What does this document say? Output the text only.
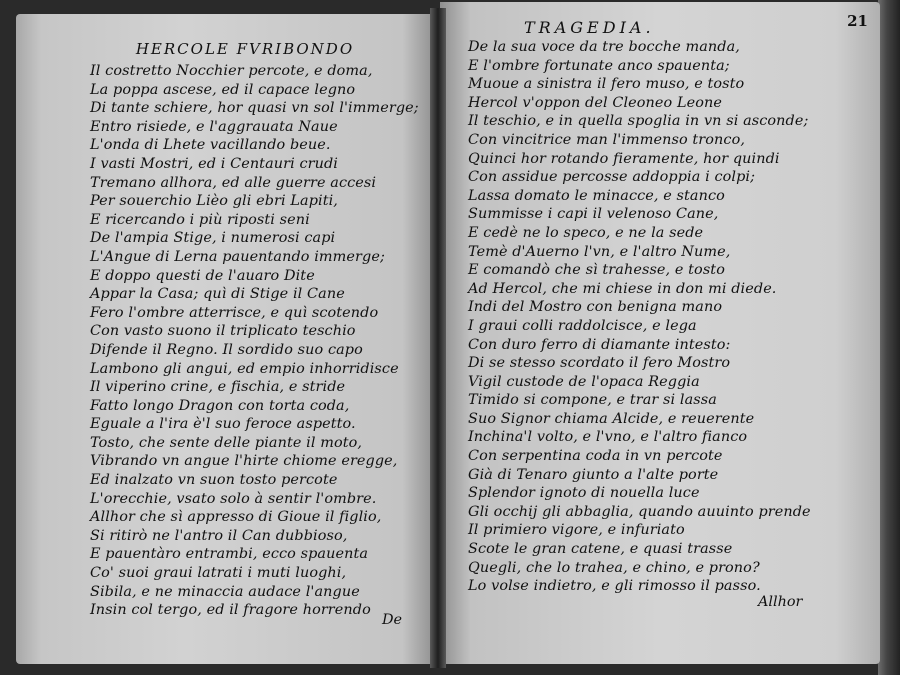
HERCOLE FVRIBONDO
Il costretto Nocchier percote, e doma,
La poppa ascese, ed il capace legno
Di tante schiere, hor quasi vn sol l'immerge;
Entro risiede, e l'aggrauata Naue
L'onda di Lhete vacillando beue.
I vasti Mostri, ed i Centauri crudi
Tremano allhora, ed alle guerre accesi
Per souerchio Lièo gli ebri Lapiti,
E ricercando i più riposti seni
De l'ampia Stige, i numerosi capi
L'Angue di Lerna pauentando immerge;
E doppo questi de l'auaro Dite
Appar la Casa; quì di Stige il Cane
Fero l'ombre atterrisce, e quì scotendo
Con vasto suono il triplicato teschio
Difende il Regno. Il sordido suo capo
Lambono gli angui, ed empio inhorridisce
Il viperino crine, e fischia, e stride
Fatto longo Dragon con torta coda,
Eguale a l'ira è'l suo feroce aspetto.
Tosto, che sente delle piante il moto,
Vibrando vn angue l'hirte chiome eregge,
Ed inalzato vn suon tosto percote
L'orecchie, vsato solo à sentir l'ombre.
Allhor che sì appresso di Gioue il figlio,
Si ritirò ne l'antro il Can dubbioso,
E pauentàro entrambi, ecco spauenta
Co' suoi graui latrati i muti luoghi,
Sibila, e ne minaccia audace l'angue
Insin col tergo, ed il fragore horrendo
De
TRAGEDIA.	21
De la sua voce da tre bocche manda,
E l'ombre fortunate anco spauenta;
Muoue a sinistra il fero muso, e tosto
Hercol v'oppon del Cleoneo Leone
Il teschio, e in quella spoglia in vn si asconde;
Con vincitrice man l'immenso tronco,
Quinci hor rotando fieramente, hor quindi
Con assidue percosse addoppia i colpi;
Lassa domato le minacce, e stanco
Summisse i capi il velenoso Cane,
E cedè ne lo speco, e ne la sede
Temè d'Auerno l'vn, e l'altro Nume,
E comandò che sì trahesse, e tosto
Ad Hercol, che mi chiese in don mi diede.
Indi del Mostro con benigna mano
I graui colli raddolcisce, e lega
Con duro ferro di diamante intesto:
Di se stesso scordato il fero Mostro
Vigil custode de l'opaca Reggia
Timido si compone, e trar si lassa
Suo Signor chiama Alcide, e reuerente
Inchina'l volto, e l'vno, e l'altro fianco
Con serpentina coda in vn percote
Già di Tenaro giunto a l'alte porte
Splendor ignoto di nouella luce
Gli occhij gli abbaglia, quando auuinto prende
Il primiero vigore, e infuriato
Scote le gran catene, e quasi trasse
Quegli, che lo trahea, e chino, e prono?
Lo volse indietro, e gli rimosso il passo.
Allhor
